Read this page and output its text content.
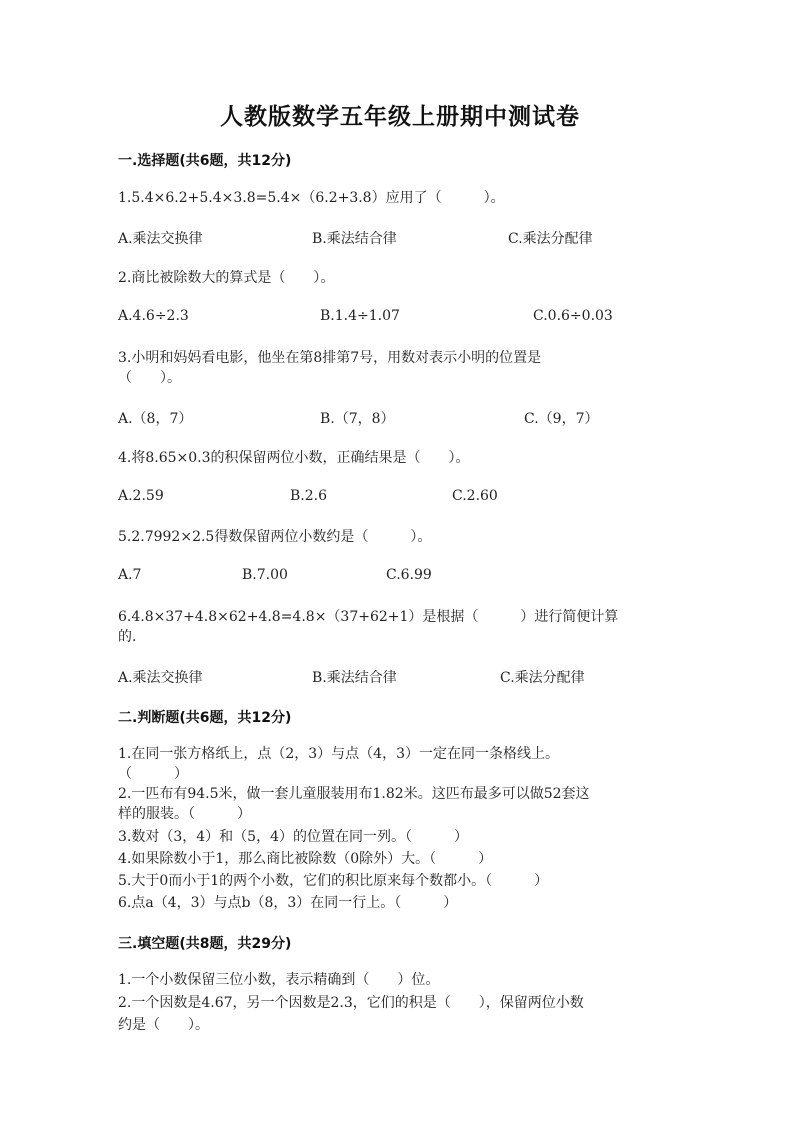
人教版数学五年级上册期中测试卷
一.选择题(共6题，共12分)
1.5.4×6.2+5.4×3.8=5.4×（6.2+3.8）应用了（　　　）。
A.乘法交换律	B.乘法结合律	C.乘法分配律
2.商比被除数大的算式是（　　）。
A.4.6÷2.3	B.1.4÷1.07	C.0.6÷0.03
3.小明和妈妈看电影，他坐在第8排第7号，用数对表示小明的位置是
（　　）。
A.（8，7）	B.（7，8）	C.（9，7）
4.将8.65×0.3的积保留两位小数，正确结果是（　　）。
A.2.59	B.2.6	C.2.60
5.2.7992×2.5得数保留两位小数约是（　　　）。
A.7	B.7.00	C.6.99
6.4.8×37+4.8×62+4.8=4.8×（37+62+1）是根据（　　　）进行简便计算
的.
A.乘法交换律	B.乘法结合律	C.乘法分配律
二.判断题(共6题，共12分)
1.在同一张方格纸上，点（2，3）与点（4，3）一定在同一条格线上。
（　　　）
2.一匹布有94.5米，做一套儿童服装用布1.82米。这匹布最多可以做52套这
样的服装。（　　　）
3.数对（3，4）和（5，4）的位置在同一列。（　　　）
4.如果除数小于1，那么商比被除数（0除外）大。（　　　）
5.大于0而小于1的两个小数，它们的积比原来每个数都小。（　　　）
6.点a（4，3）与点b（8，3）在同一行上。（　　　）
三.填空题(共8题，共29分)
1.一个小数保留三位小数，表示精确到（　　）位。
2.一个因数是4.67，另一个因数是2.3，它们的积是（　　），保留两位小数
约是（　　）。
